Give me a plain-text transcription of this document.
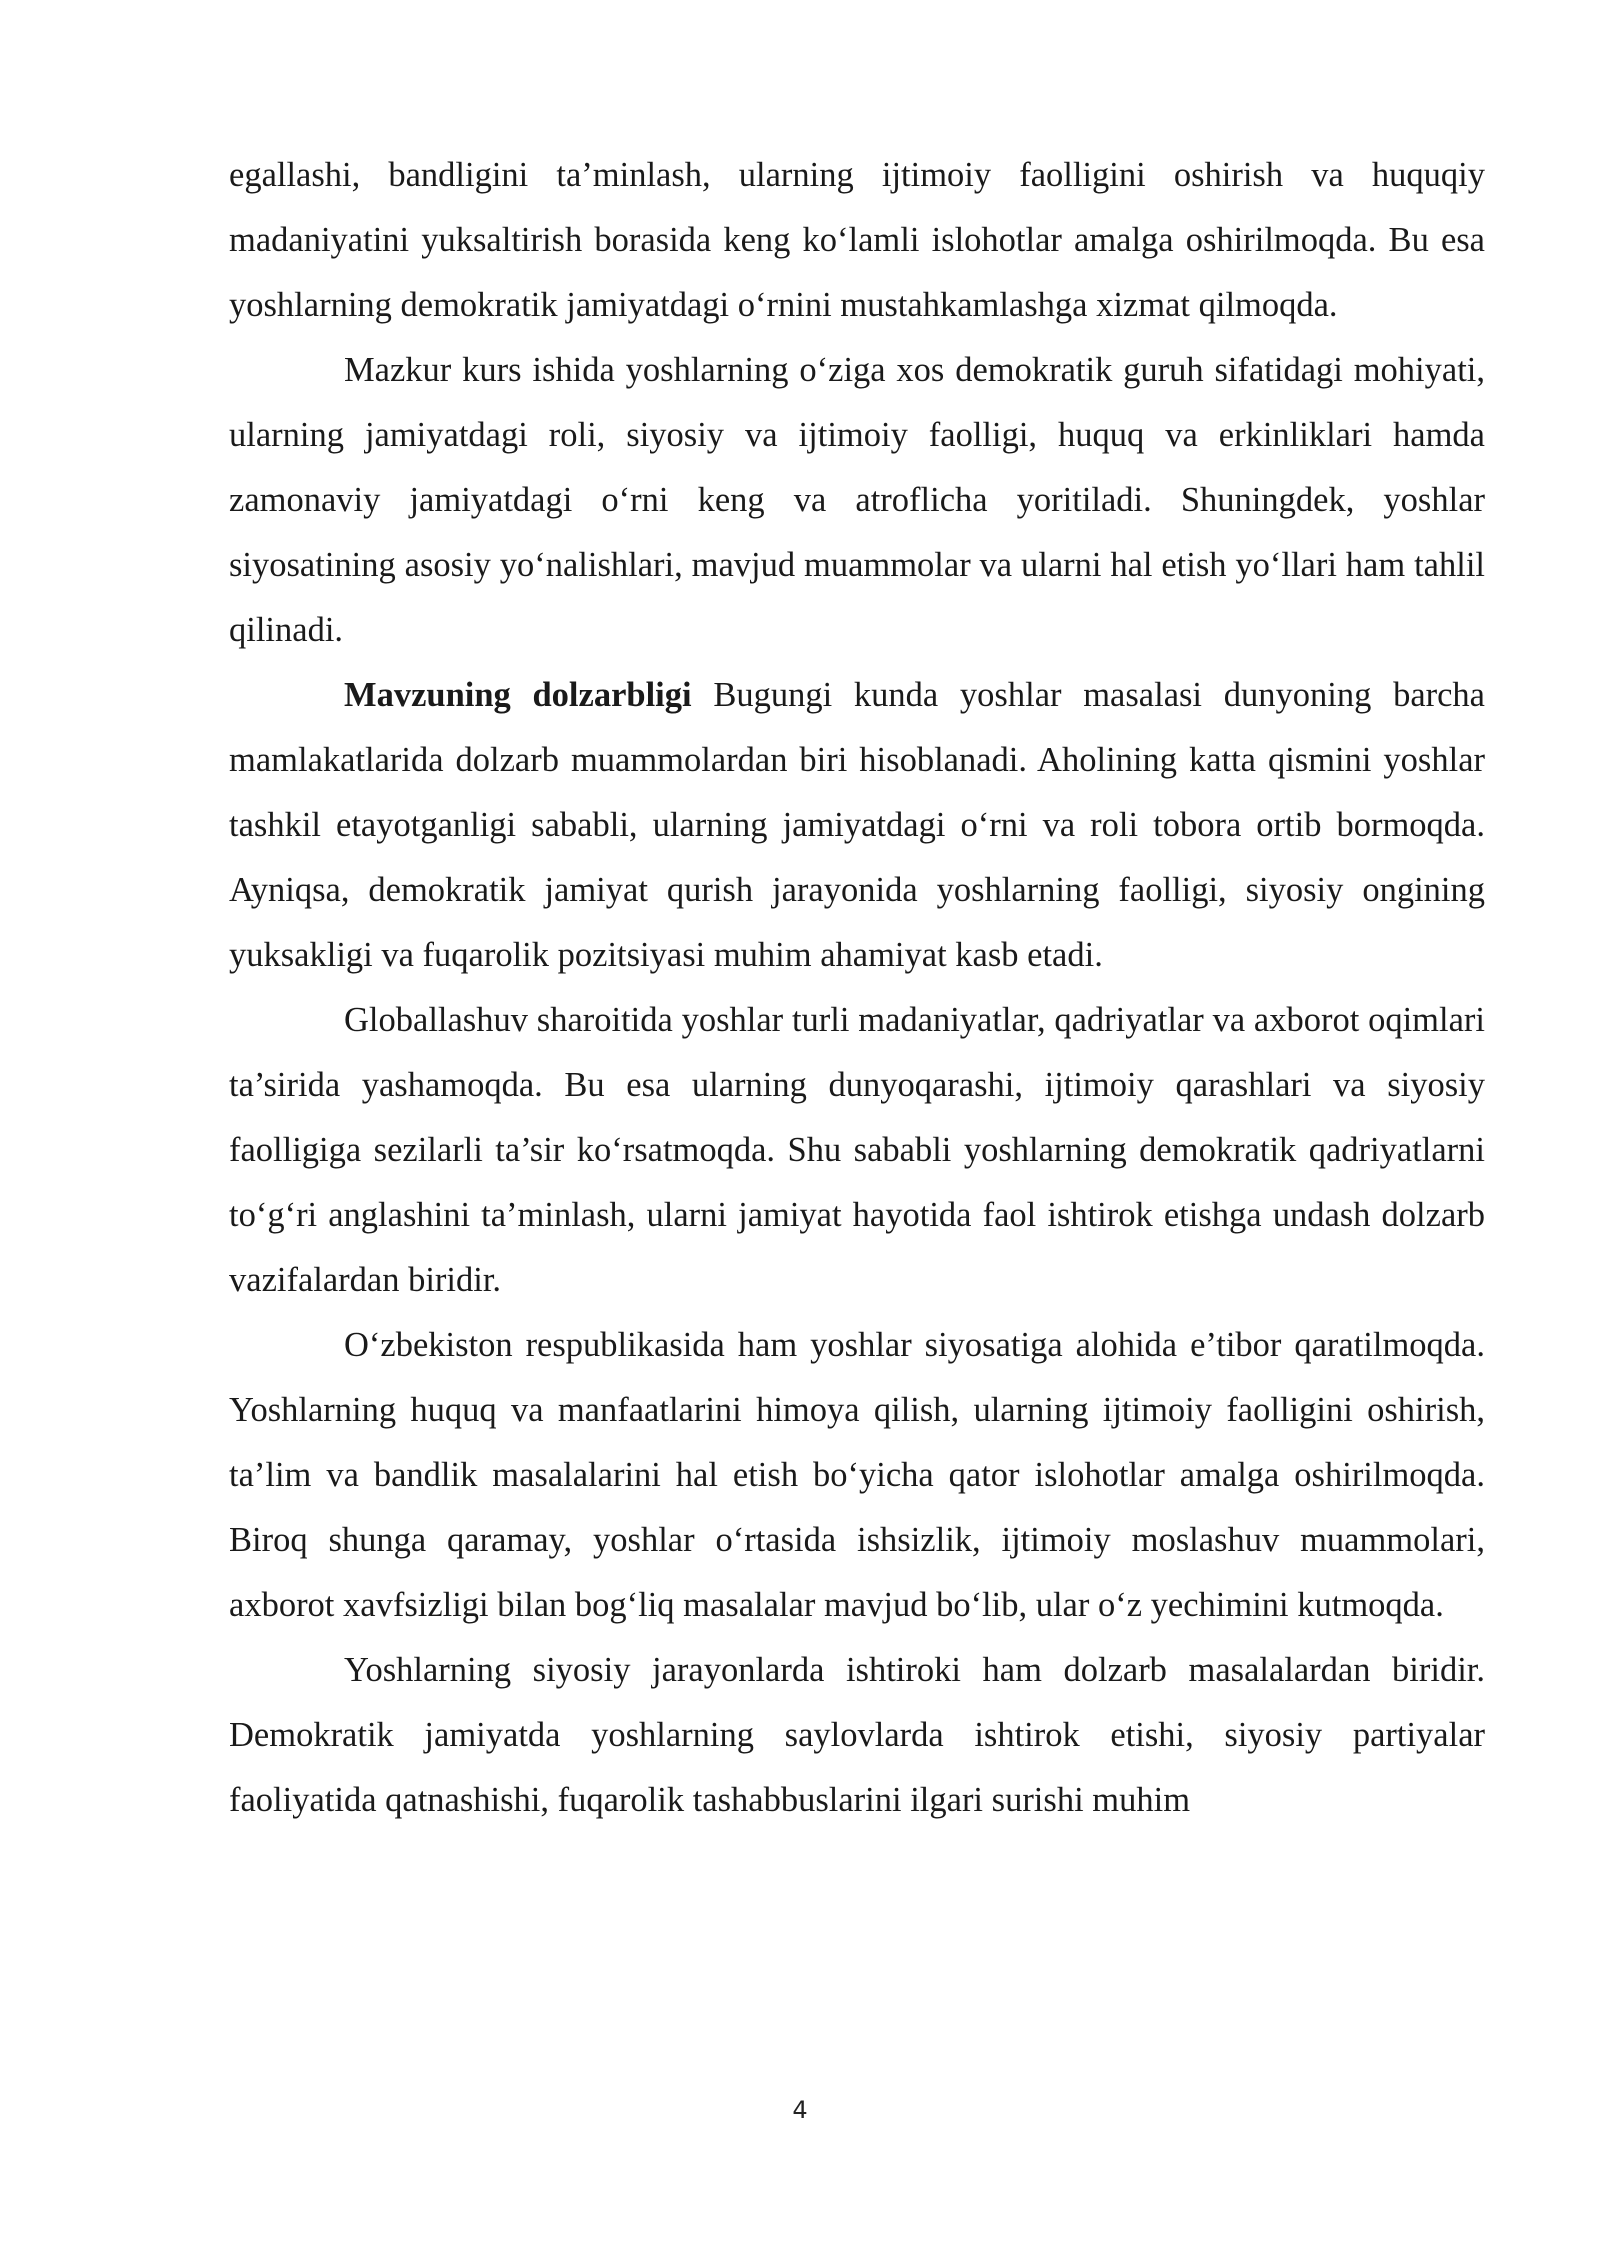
egallashi, bandligini ta’minlash, ularning ijtimoiy faolligini oshirish va huquqiy madaniyatini yuksaltirish borasida keng ko‘lamli islohotlar amalga oshirilmoqda. Bu esa yoshlarning demokratik jamiyatdagi o‘rnini mustahkamlashga xizmat qilmoqda.

Mazkur kurs ishida yoshlarning o‘ziga xos demokratik guruh sifatidagi mohiyati, ularning jamiyatdagi roli, siyosiy va ijtimoiy faolligi, huquq va erkinliklari hamda zamonaviy jamiyatdagi o‘rni keng va atroflicha yoritiladi. Shuningdek, yoshlar siyosatining asosiy yo‘nalishlari, mavjud muammolar va ularni hal etish yo‘llari ham tahlil qilinadi.

Mavzuning dolzarbligi Bugungi kunda yoshlar masalasi dunyoning barcha mamlakatlarida dolzarb muammolardan biri hisoblanadi. Aholining katta qismini yoshlar tashkil etayotganligi sababli, ularning jamiyatdagi o‘rni va roli tobora ortib bormoqda. Ayniqsa, demokratik jamiyat qurish jarayonida yoshlarning faolligi, siyosiy ongining yuksakligi va fuqarolik pozitsiyasi muhim ahamiyat kasb etadi.

Globallashuv sharoitida yoshlar turli madaniyatlar, qadriyatlar va axborot oqimlari ta’sirida yashamoqda. Bu esa ularning dunyoqarashi, ijtimoiy qarashlari va siyosiy faolligiga sezilarli ta’sir ko‘rsatmoqda. Shu sababli yoshlarning demokratik qadriyatlarni to‘g‘ri anglashini ta’minlash, ularni jamiyat hayotida faol ishtirok etishga undash dolzarb vazifalardan biridir.

O‘zbekiston respublikasida ham yoshlar siyosatiga alohida e’tibor qaratilmoqda. Yoshlarning huquq va manfaatlarini himoya qilish, ularning ijtimoiy faolligini oshirish, ta’lim va bandlik masalalarini hal etish bo‘yicha qator islohotlar amalga oshirilmoqda. Biroq shunga qaramay, yoshlar o‘rtasida ishsizlik, ijtimoiy moslashuv muammolari, axborot xavfsizligi bilan bog‘liq masalalar mavjud bo‘lib, ular o‘z yechimini kutmoqda.

Yoshlarning siyosiy jarayonlarda ishtiroki ham dolzarb masalalardan biridir. Demokratik jamiyatda yoshlarning saylovlarda ishtirok etishi, siyosiy partiyalar faoliyatida qatnashishi, fuqarolik tashabbuslarini ilgari surishi muhim

4
